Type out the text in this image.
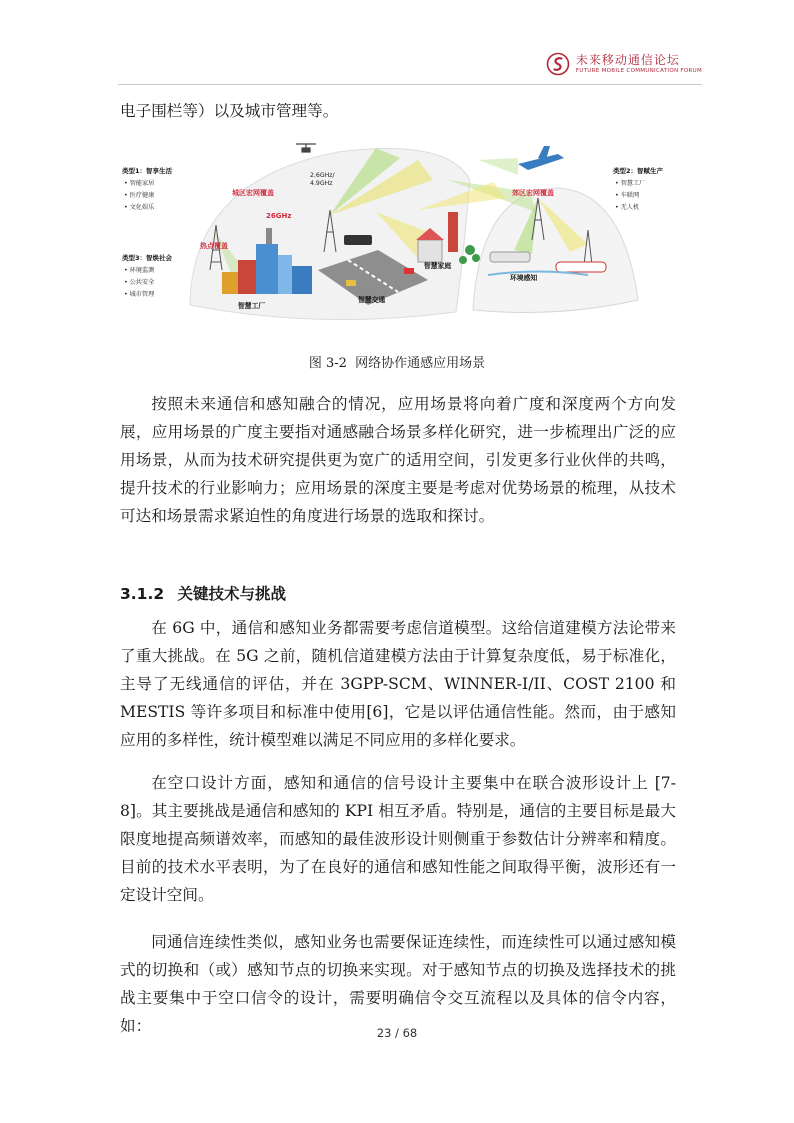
未来移动通信论坛
FUTURE MOBILE COMMUNICATION FORUM

电子围栏等）以及城市管理等。

类型1：智享生活
• 智能家居
• 医疗健康
• 文化娱乐
类型3：智焕社会
• 环境监测
• 公共安全
• 城市管理
类型2：智赋生产
• 智慧工厂
• 车联网
• 无人机
城区宏网覆盖	郊区宏网覆盖
热点覆盖
26GHz
2.6GHz/
4.9GHz
智慧工厂
智慧交通
智慧家庭
环境感知
图 3-2 网络协作通感应用场景

按照未来通信和感知融合的情况，应用场景将向着广度和深度两个方向发展，应用场景的广度主要指对通感融合场景多样化研究，进一步梳理出广泛的应用场景，从而为技术研究提供更为宽广的适用空间，引发更多行业伙伴的共鸣，提升技术的行业影响力；应用场景的深度主要是考虑对优势场景的梳理，从技术可达和场景需求紧迫性的角度进行场景的选取和探讨。

3.1.2 关键技术与挑战

在 6G 中，通信和感知业务都需要考虑信道模型。这给信道建模方法论带来了重大挑战。在 5G 之前，随机信道建模方法由于计算复杂度低，易于标准化，主导了无线通信的评估，并在 3GPP-SCM、WINNER-I/II、COST 2100 和 MESTIS 等许多项目和标准中使用[6]，它是以评估通信性能。然而，由于感知应用的多样性，统计模型难以满足不同应用的多样化要求。

在空口设计方面，感知和通信的信号设计主要集中在联合波形设计上 [7-8]。其主要挑战是通信和感知的 KPI 相互矛盾。特别是，通信的主要目标是最大限度地提高频谱效率，而感知的最佳波形设计则侧重于参数估计分辨率和精度。目前的技术水平表明，为了在良好的通信和感知性能之间取得平衡，波形还有一定设计空间。

同通信连续性类似，感知业务也需要保证连续性，而连续性可以通过感知模式的切换和（或）感知节点的切换来实现。对于感知节点的切换及选择技术的挑战主要集中于空口信令的设计，需要明确信令交互流程以及具体的信令内容，如：	23 / 68
